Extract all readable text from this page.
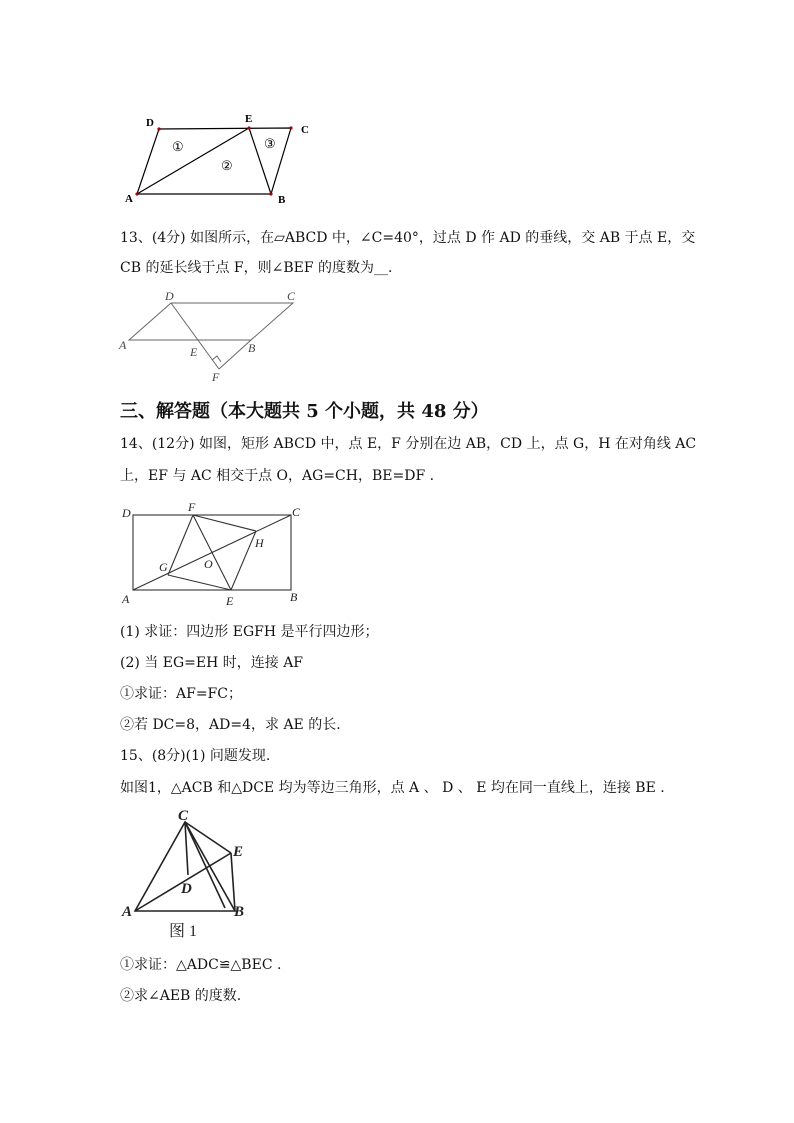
D	E
C
A	B
①
②
③
13、(4分) 如图所示，在▱ABCD 中，∠C=40°，过点 D 作 AD 的垂线，交 AB 于点 E，交
CB 的延长线于点 F，则∠BEF 的度数为__.
D	C
A	E	B
F
三、解答题（本大题共 5 个小题，共 48 分）
14、(12分) 如图，矩形 ABCD 中，点 E，F 分别在边 AB，CD 上，点 G，H 在对角线 AC
上，EF 与 AC 相交于点 O，AG=CH，BE=DF .
D	F	C
H
O
G
A	E	B
(1) 求证：四边形 EGFH 是平行四边形；
(2) 当 EG=EH 时，连接 AF
①求证：AF=FC；
②若 DC=8，AD=4，求 AE 的长.
15、(8分)(1) 问题发现.
如图1，△ACB 和△DCE 均为等边三角形，点 A 、 D 、 E 均在同一直线上，连接 BE .
C
E
D
A	B
图 1
①求证：△ADC≌△BEC .
②求∠AEB 的度数.
